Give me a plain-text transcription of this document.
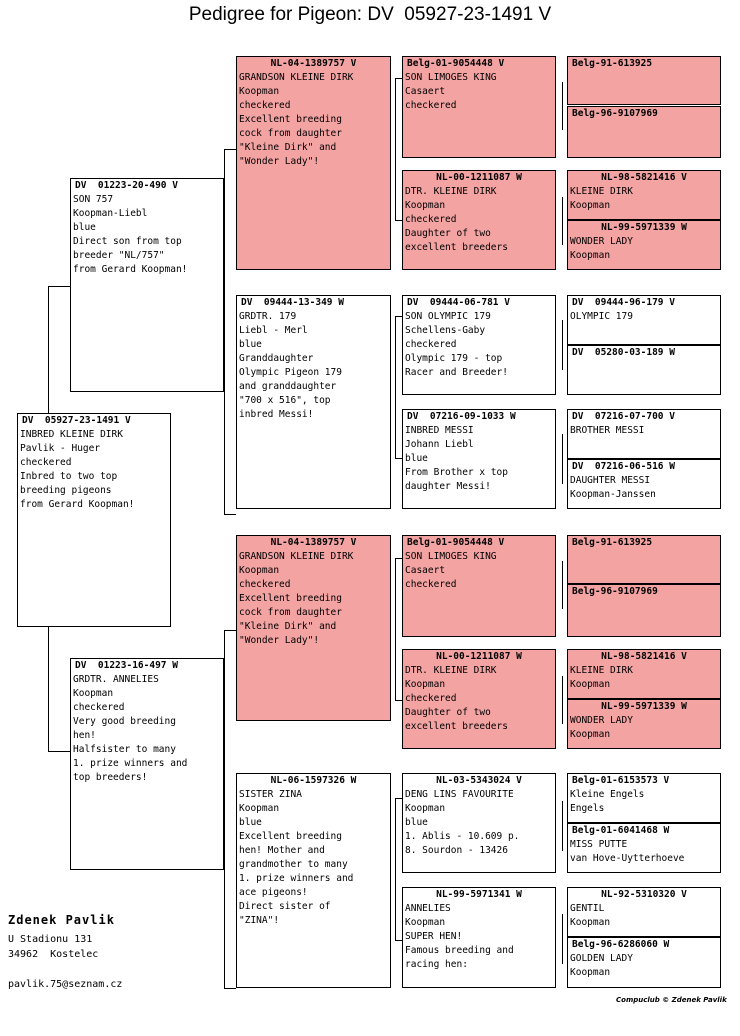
Pedigree for Pigeon: DV  05927-23-1491 V
DV  05927-23-1491 V
INBRED KLEINE DIRK
Pavlik - Huger
checkered
Inbred to two top
breeding pigeons
from Gerard Koopman!
DV  01223-20-490 V
SON 757
Koopman-Liebl
blue
Direct son from top
breeder "NL/757"
from Gerard Koopman!
DV  01223-16-497 W
GRDTR. ANNELIES
Koopman
checkered
Very good breeding
hen!
Halfsister to many
1. prize winners and
top breeders!
NL-04-1389757 V
GRANDSON KLEINE DIRK
Koopman
checkered
Excellent breeding
cock from daughter
"Kleine Dirk" and
"Wonder Lady"!
DV  09444-13-349 W
GRDTR. 179
Liebl - Merl
blue
Granddaughter
Olympic Pigeon 179
and granddaughter
"700 x 516", top
inbred Messi!
NL-04-1389757 V
GRANDSON KLEINE DIRK
Koopman
checkered
Excellent breeding
cock from daughter
"Kleine Dirk" and
"Wonder Lady"!
NL-06-1597326 W
SISTER ZINA
Koopman
blue
Excellent breeding
hen! Mother and
grandmother to many
1. prize winners and
ace pigeons!
Direct sister of
"ZINA"!
Belg-01-9054448 V
SON LIMOGES KING
Casaert
checkered
NL-00-1211087 W
DTR. KLEINE DIRK
Koopman
checkered
Daughter of two
excellent breeders
DV  09444-06-781 V
SON OLYMPIC 179
Schellens-Gaby
checkered
Olympic 179 - top
Racer and Breeder!
DV  07216-09-1033 W
INBRED MESSI
Johann Liebl
blue
From Brother x top
daughter Messi!
Belg-01-9054448 V
SON LIMOGES KING
Casaert
checkered
NL-00-1211087 W
DTR. KLEINE DIRK
Koopman
checkered
Daughter of two
excellent breeders
NL-03-5343024 V
DENG LINS FAVOURITE
Koopman
blue
1. Ablis - 10.609 p.
8. Sourdon - 13426
NL-99-5971341 W
ANNELIES
Koopman
SUPER HEN!
Famous breeding and
racing hen:
Belg-91-613925
Belg-96-9107969
NL-98-5821416 V
KLEINE DIRK
Koopman
NL-99-5971339 W
WONDER LADY
Koopman
DV  09444-96-179 V
OLYMPIC 179
DV  05280-03-189 W
DV  07216-07-700 V
BROTHER MESSI
DV  07216-06-516 W
DAUGHTER MESSI
Koopman-Janssen
Belg-91-613925
Belg-96-9107969
NL-98-5821416 V
KLEINE DIRK
Koopman
NL-99-5971339 W
WONDER LADY
Koopman
Belg-01-6153573 V
Kleine Engels
Engels
Belg-01-6041468 W
MISS PUTTE
van Hove-Uytterhoeve
NL-92-5310320 V
GENTIL
Koopman
Belg-96-6286060 W
GOLDEN LADY
Koopman
Zdenek Pavlik
U Stadionu 131
34962  Kostelec
pavlik.75@seznam.cz
Compuclub © Zdenek Pavlik
